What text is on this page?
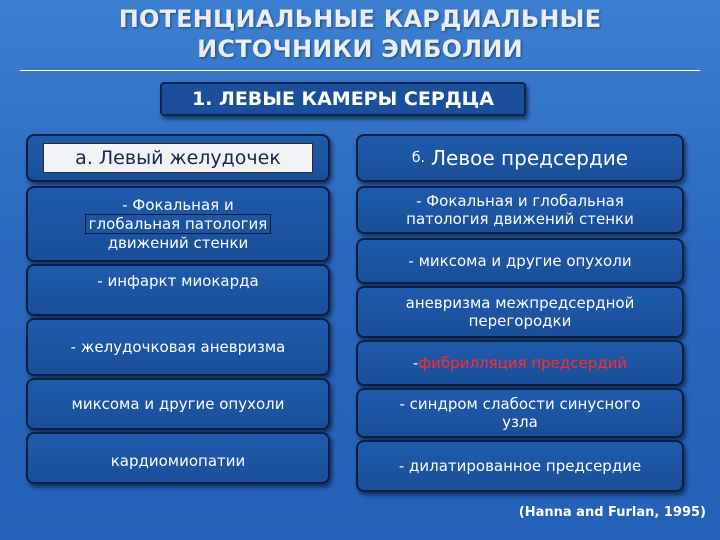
ПОТЕНЦИАЛЬНЫЕ КАРДИАЛЬНЫЕ
ИСТОЧНИКИ ЭМБОЛИИ
1. ЛЕВЫЕ КАМЕРЫ СЕРДЦА
а. Левый желудочек
- Фокальная и
глобальная патология
движений стенки
- инфаркт миокарда
- желудочковая аневризма
миксома и другие опухоли
кардиомиопатии
б. Левое предсердие
- Фокальная и глобальная
патология движений стенки
- миксома и другие опухоли
аневризма межпредсердной
перегородки
-фибрилляция предсердий
- синдром слабости синусного
узла
- дилатированное предсердие
(Hanna and Furlan, 1995)
